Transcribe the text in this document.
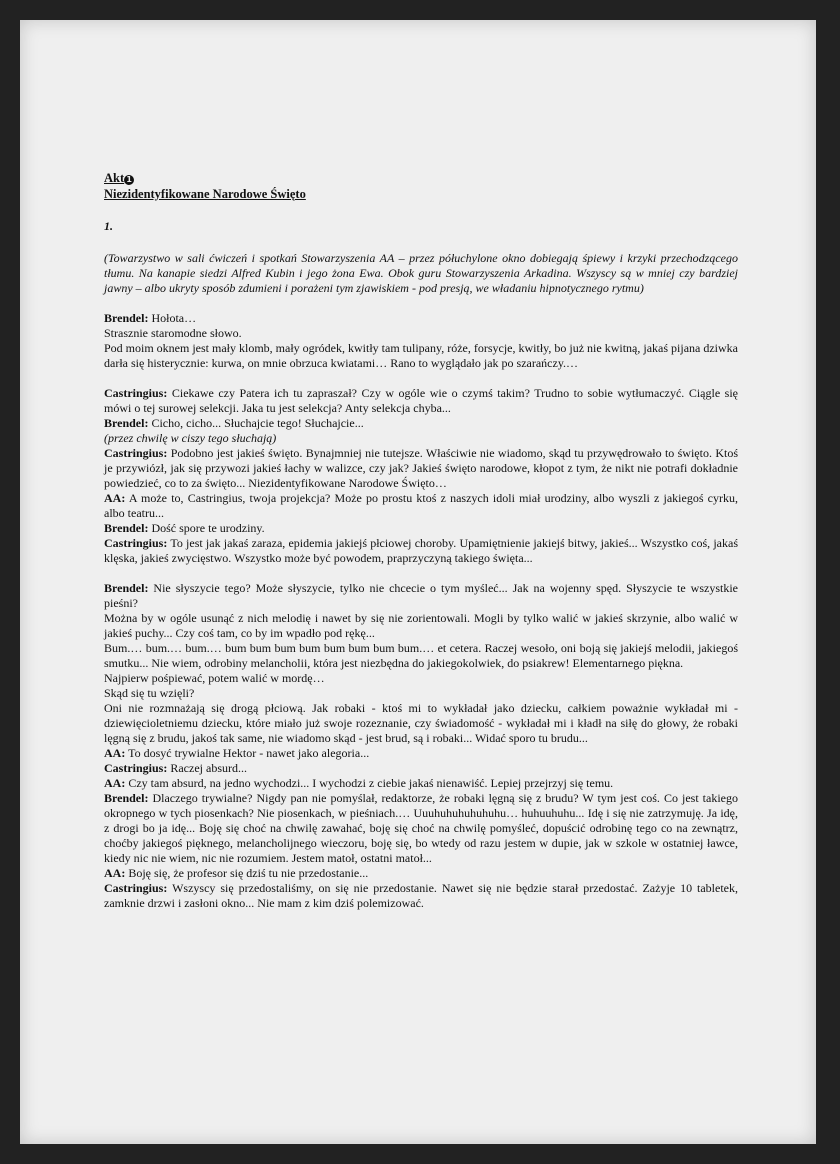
Akt 1
Niezidentyfikowane Narodowe Święto
1.
(Towarzystwo w sali ćwiczeń i spotkań Stowarzyszenia AA – przez półuchylone okno dobiegają śpiewy i krzyki przechodzącego tłumu. Na kanapie siedzi Alfred Kubin i jego żona Ewa. Obok guru Stowarzyszenia Arkadina. Wszyscy są w mniej czy bardziej jawny – albo ukryty sposób zdumieni i porażeni tym zjawiskiem - pod presją, we władaniu hipnotycznego rytmu)
Brendel: Hołota…
Strasznie staromodne słowo.
Pod moim oknem jest mały klomb, mały ogródek, kwitły tam tulipany, róże, forsycje, kwitły, bo już nie kwitną, jakaś pijana dziwka darła się histerycznie: kurwa, on mnie obrzuca kwiatami… Rano to wyglądało jak po szarańczy.…
Castringius: Ciekawe czy Patera ich tu zapraszał? Czy w ogóle wie o czymś takim? Trudno to sobie wytłumaczyć. Ciągle się mówi o tej surowej selekcji. Jaka tu jest selekcja? Anty selekcja chyba...
Brendel: Cicho, cicho... Słuchajcie tego! Słuchajcie...
(przez chwilę w ciszy tego słuchają)
Castringius: Podobno jest jakieś święto. Bynajmniej nie tutejsze. Właściwie nie wiadomo, skąd tu przywędrowało to święto. Ktoś je przywiózł, jak się przywozi jakieś łachy w walizce, czy jak? Jakieś święto narodowe, kłopot z tym, że nikt nie potrafi dokładnie powiedzieć, co to za święto... Niezidentyfikowane Narodowe Święto…
AA: A może to, Castringius, twoja projekcja? Może po prostu ktoś z naszych idoli miał urodziny, albo wyszli z jakiegoś cyrku, albo teatru...
Brendel: Dość spore te urodziny.
Castringius: To jest jak jakaś zaraza, epidemia jakiejś płciowej choroby. Upamiętnienie jakiejś bitwy, jakieś... Wszystko coś, jakaś klęska, jakieś zwycięstwo. Wszystko może być powodem, praprzyczyną takiego święta...
Brendel: Nie słyszycie tego? Może słyszycie, tylko nie chcecie o tym myśleć... Jak na wojenny spęd. Słyszycie te wszystkie pieśni?
Można by w ogóle usunąć z nich melodię i nawet by się nie zorientowali. Mogli by tylko walić w jakieś skrzynie, albo walić w jakieś puchy... Czy coś tam, co by im wpadło pod rękę...
Bum.… bum.… bum.… bum bum bum bum bum bum bum bum.… et cetera. Raczej wesoło, oni boją się jakiejś melodii, jakiegoś smutku... Nie wiem, odrobiny melancholii, która jest niezbędna do jakiegokolwiek, do psiakrew! Elementarnego piękna.
Najpierw pośpiewać, potem walić w mordę…
Skąd się tu wzięli?
Oni nie rozmnażają się drogą płciową. Jak robaki - ktoś mi to wykładał jako dziecku, całkiem poważnie wykładał mi - dziewięcioletniemu dziecku, które miało już swoje rozeznanie, czy świadomość - wykładał mi i kładł na siłę do głowy, że robaki lęgną się z brudu, jakoś tak same, nie wiadomo skąd - jest brud, są i robaki... Widać sporo tu brudu...
AA: To dosyć trywialne Hektor - nawet jako alegoria...
Castringius: Raczej absurd...
AA: Czy tam absurd, na jedno wychodzi... I wychodzi z ciebie jakaś nienawiść. Lepiej przejrzyj się temu.
Brendel: Dlaczego trywialne? Nigdy pan nie pomyślał, redaktorze, że robaki lęgną się z brudu? W tym jest coś. Co jest takiego okropnego w tych piosenkach? Nie piosenkach, w pieśniach.… Uuuhuhuhuhuhuhu… huhuuhuhu... Idę i się nie zatrzymuję. Ja idę, z drogi bo ja idę... Boję się choć na chwilę zawahać, boję się choć na chwilę pomyśleć, dopuścić odrobinę tego co na zewnątrz, choćby jakiegoś pięknego, melancholijnego wieczoru, boję się, bo wtedy od razu jestem w dupie, jak w szkole w ostatniej ławce, kiedy nic nie wiem, nic nie rozumiem. Jestem matoł, ostatni matoł...
AA: Boję się, że profesor się dziś tu nie przedostanie...
Castringius: Wszyscy się przedostaliśmy, on się nie przedostanie. Nawet się nie będzie starał przedostać. Zażyje 10 tabletek, zamknie drzwi i zasłoni okno... Nie mam z kim dziś polemizować.
